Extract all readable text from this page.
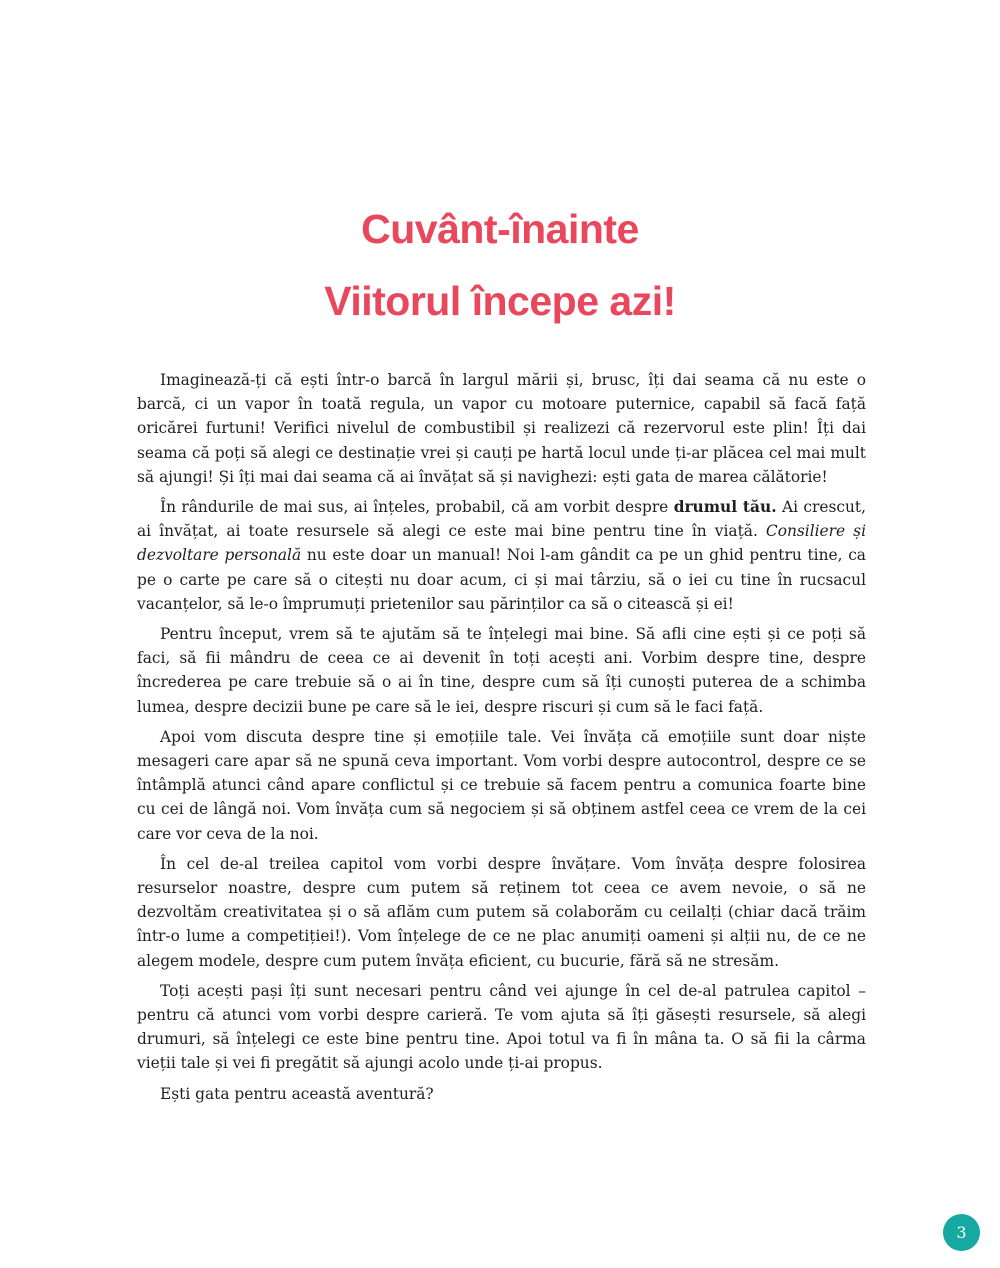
Cuvânt-înainte
Viitorul începe azi!

Imaginează-ți că ești într-o barcă în largul mării și, brusc, îți dai seama că nu este o barcă, ci un vapor în toată regula, un vapor cu motoare puternice, capabil să facă față oricărei furtuni! Verifici nivelul de combustibil și realizezi că rezervorul este plin! Îți dai seama că poți să alegi ce destinație vrei și cauți pe hartă locul unde ți-ar plăcea cel mai mult să ajungi! Și îți mai dai seama că ai învățat să și navighezi: ești gata de marea călătorie!

În rândurile de mai sus, ai înțeles, probabil, că am vorbit despre drumul tău. Ai crescut, ai învățat, ai toate resursele să alegi ce este mai bine pentru tine în viață. Consiliere și dezvoltare personală nu este doar un manual! Noi l-am gândit ca pe un ghid pentru tine, ca pe o carte pe care să o citești nu doar acum, ci și mai târziu, să o iei cu tine în rucsacul vacanțelor, să le-o împrumuți prietenilor sau părinților ca să o citească și ei!

Pentru început, vrem să te ajutăm să te înțelegi mai bine. Să afli cine ești și ce poți să faci, să fii mândru de ceea ce ai devenit în toți acești ani. Vorbim despre tine, despre încrederea pe care trebuie să o ai în tine, despre cum să îți cunoști puterea de a schimba lumea, despre decizii bune pe care să le iei, despre riscuri și cum să le faci față.

Apoi vom discuta despre tine și emoțiile tale. Vei învăța că emoțiile sunt doar niște mesageri care apar să ne spună ceva important. Vom vorbi despre autocontrol, despre ce se întâmplă atunci când apare conflictul și ce trebuie să facem pentru a comunica foarte bine cu cei de lângă noi. Vom învăța cum să negociem și să obținem astfel ceea ce vrem de la cei care vor ceva de la noi.

În cel de-al treilea capitol vom vorbi despre învățare. Vom învăța despre folosirea resurselor noastre, despre cum putem să reținem tot ceea ce avem nevoie, o să ne dezvoltăm creativitatea și o să aflăm cum putem să colaborăm cu ceilalți (chiar dacă trăim într-o lume a competiției!). Vom înțelege de ce ne plac anumiți oameni și alții nu, de ce ne alegem modele, despre cum putem învăța eficient, cu bucurie, fără să ne stresăm.

Toți acești pași îți sunt necesari pentru când vei ajunge în cel de-al patrulea capitol – pentru că atunci vom vorbi despre carieră. Te vom ajuta să îți găsești resursele, să alegi drumuri, să înțelegi ce este bine pentru tine. Apoi totul va fi în mâna ta. O să fii la cârma vieții tale și vei fi pregătit să ajungi acolo unde ți-ai propus.

Ești gata pentru această aventură?

3
